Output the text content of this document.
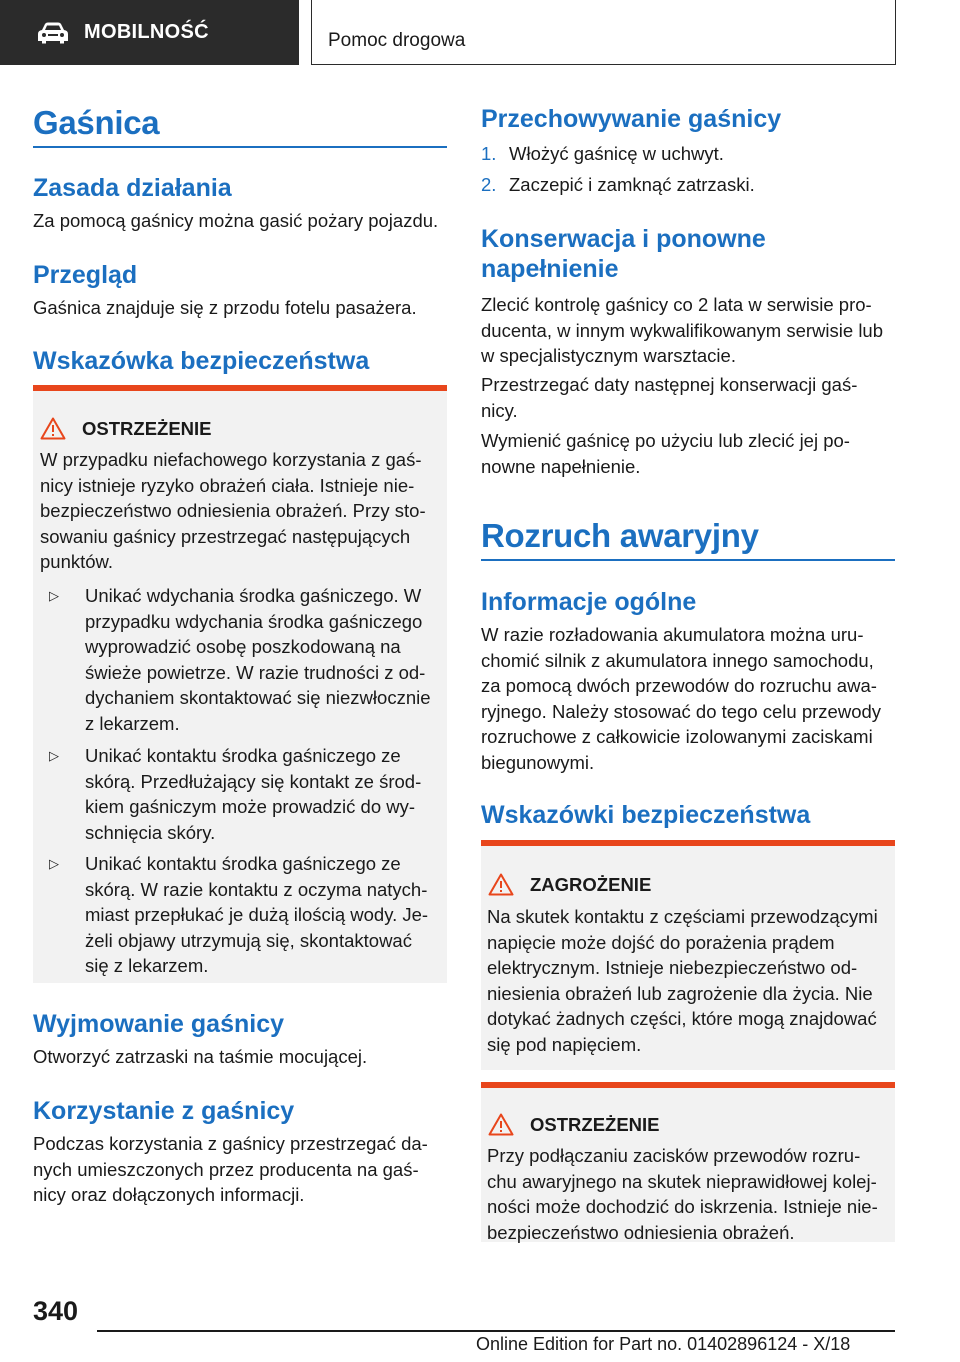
MOBILNOŚĆ	Pomoc drogowa
Gaśnica
Zasada działania
Za pomocą gaśnicy można gasić pożary pojazdu.
Przegląd
Gaśnica znajduje się z przodu fotelu pasażera.
Wskazówka bezpieczeństwa
OSTRZEŻENIE
W przypadku niefachowego korzystania z gaś-
nicy istnieje ryzyko obrażeń ciała. Istnieje nie-
bezpieczeństwo odniesienia obrażeń. Przy sto-
sowaniu gaśnicy przestrzegać następujących
punktów.
▷ Unikać wdychania środka gaśniczego. W
przypadku wdychania środka gaśniczego
wyprowadzić osobę poszkodowaną na
świeże powietrze. W razie trudności z od-
dychaniem skontaktować się niezwłocznie
z lekarzem.
▷ Unikać kontaktu środka gaśniczego ze
skórą. Przedłużający się kontakt ze środ-
kiem gaśniczym może prowadzić do wy-
schnięcia skóry.
▷ Unikać kontaktu środka gaśniczego ze
skórą. W razie kontaktu z oczyma natych-
miast przepłukać je dużą ilością wody. Je-
żeli objawy utrzymują się, skontaktować
się z lekarzem.
Wyjmowanie gaśnicy
Otworzyć zatrzaski na taśmie mocującej.
Korzystanie z gaśnicy
Podczas korzystania z gaśnicy przestrzegać da-
nych umieszczonych przez producenta na gaś-
nicy oraz dołączonych informacji.
Przechowywanie gaśnicy
1. Włożyć gaśnicę w uchwyt.
2. Zaczepić i zamknąć zatrzaski.
Konserwacja i ponowne
napełnienie
Zlecić kontrolę gaśnicy co 2 lata w serwisie pro-
ducenta, w innym wykwalifikowanym serwisie lub
w specjalistycznym warsztacie.
Przestrzegać daty następnej konserwacji gaś-
nicy.
Wymienić gaśnicę po użyciu lub zlecić jej po-
nowne napełnienie.
Rozruch awaryjny
Informacje ogólne
W razie rozładowania akumulatora można uru-
chomić silnik z akumulatora innego samochodu,
za pomocą dwóch przewodów do rozruchu awa-
ryjnego. Należy stosować do tego celu przewody
rozruchowe z całkowicie izolowanymi zaciskami
biegunowymi.
Wskazówki bezpieczeństwa
ZAGROŻENIE
Na skutek kontaktu z częściami przewodzącymi
napięcie może dojść do porażenia prądem
elektrycznym. Istnieje niebezpieczeństwo od-
niesienia obrażeń lub zagrożenie dla życia. Nie
dotykać żadnych części, które mogą znajdować
się pod napięciem.
OSTRZEŻENIE
Przy podłączaniu zacisków przewodów rozru-
chu awaryjnego na skutek nieprawidłowej kolej-
ności może dochodzić do iskrzenia. Istnieje nie-
bezpieczeństwo odniesienia obrażeń.
340
Online Edition for Part no. 01402896124 - X/18
